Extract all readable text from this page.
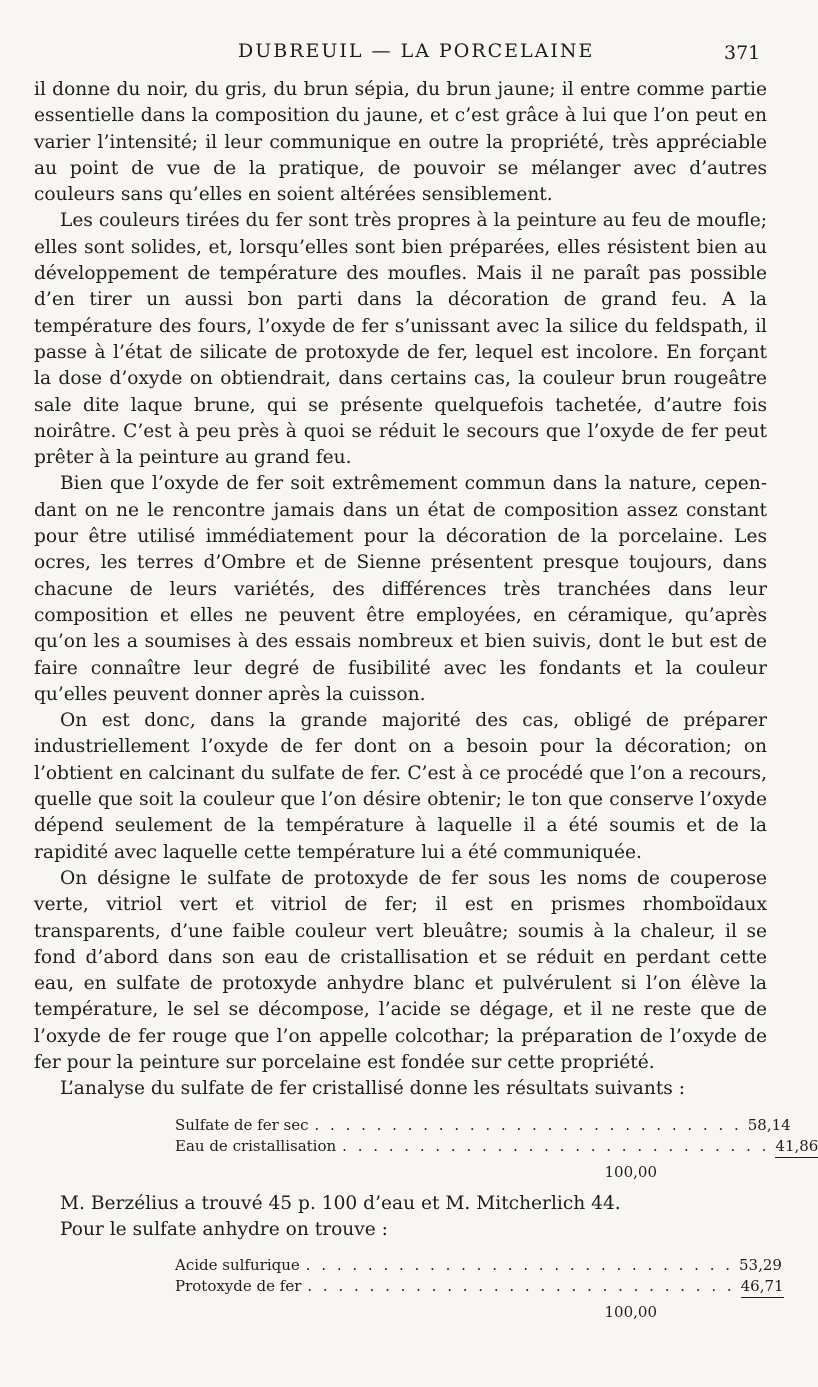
DUBREUIL — LA PORCELAINE	371

il donne du noir, du gris, du brun sépia, du brun jaune; il entre comme partie essentielle dans la composition du jaune, et c’est grâce à lui que l’on peut en varier l’intensité; il leur communique en outre la propriété, très appréciable au point de vue de la pratique, de pouvoir se mélanger avec d’autres couleurs sans qu’elles en soient altérées sensiblement.

Les couleurs tirées du fer sont très propres à la peinture au feu de moufle; elles sont solides, et, lorsqu’elles sont bien préparées, elles résistent bien au développement de température des moufles. Mais il ne paraît pas possible d’en tirer un aussi bon parti dans la décoration de grand feu. A la température des fours, l’oxyde de fer s’unissant avec la silice du feldspath, il passe à l’état de silicate de protoxyde de fer, lequel est incolore. En forçant la dose d’oxyde on obtiendrait, dans certains cas, la couleur brun rougeâtre sale dite laque brune, qui se présente quelquefois tachetée, d’autre fois noirâtre. C’est à peu près à quoi se réduit le secours que l’oxyde de fer peut prêter à la peinture au grand feu.

Bien que l’oxyde de fer soit extrêmement commun dans la nature, cependant on ne le rencontre jamais dans un état de composition assez constant pour être utilisé immédiatement pour la décoration de la porcelaine. Les ocres, les terres d’Ombre et de Sienne présentent presque toujours, dans chacune de leurs variétés, des différences très tranchées dans leur composition et elles ne peuvent être employées, en céramique, qu’après qu’on les a soumises à des essais nombreux et bien suivis, dont le but est de faire connaître leur degré de fusibilité avec les fondants et la couleur qu’elles peuvent donner après la cuisson.

On est donc, dans la grande majorité des cas, obligé de préparer industriellement l’oxyde de fer dont on a besoin pour la décoration; on l’obtient en calcinant du sulfate de fer. C’est à ce procédé que l’on a recours, quelle que soit la couleur que l’on désire obtenir; le ton que conserve l’oxyde dépend seulement de la température à laquelle il a été soumis et de la rapidité avec laquelle cette température lui a été communiquée.

On désigne le sulfate de protoxyde de fer sous les noms de couperose verte, vitriol vert et vitriol de fer; il est en prismes rhomboïdaux transparents, d’une faible couleur vert bleuâtre; soumis à la chaleur, il se fond d’abord dans son eau de cristallisation et se réduit en perdant cette eau, en sulfate de protoxyde anhydre blanc et pulvérulent si l’on élève la température, le sel se décompose, l’acide se dégage, et il ne reste que de l’oxyde de fer rouge que l’on appelle colcothar; la préparation de l’oxyde de fer pour la peinture sur porcelaine est fondée sur cette propriété.

L’analyse du sulfate de fer cristallisé donne les résultats suivants :

Sulfate de fer sec . . . . . . . . . . . . . . . . . . . . . . . . . . . . 58,14
Eau de cristallisation . . . . . . . . . . . . . . . . . . . . . . . . . . . . 41,86
100,00

M. Berzélius a trouvé 45 p. 100 d’eau et M. Mitcherlich 44.

Pour le sulfate anhydre on trouve :

Acide sulfurique . . . . . . . . . . . . . . . . . . . . . . . . . . . . 53,29
Protoxyde de fer . . . . . . . . . . . . . . . . . . . . . . . . . . . . 46,71
100,00
